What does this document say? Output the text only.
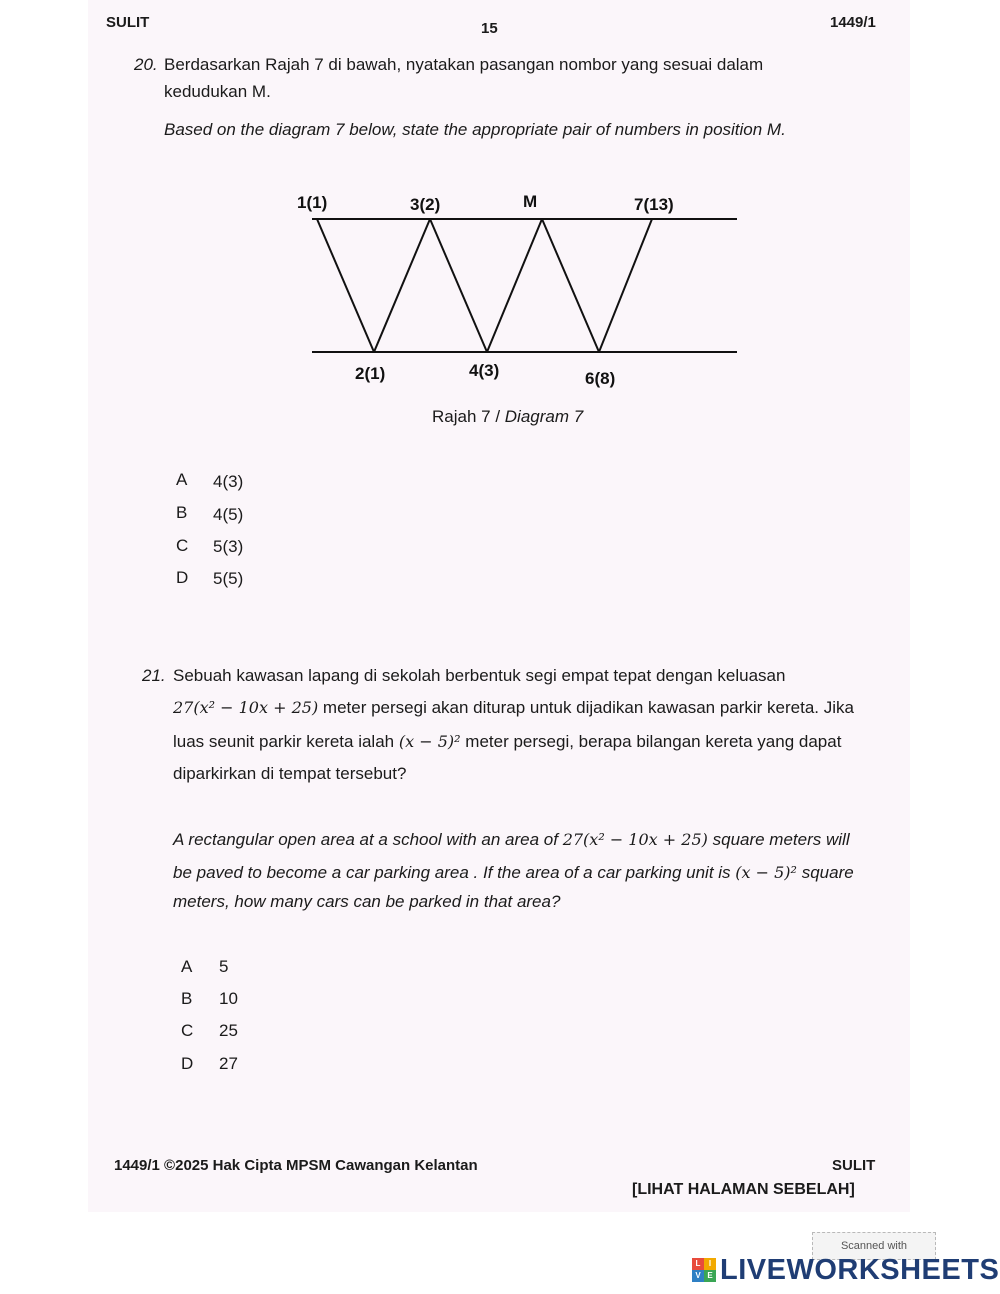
SULIT	15	1449/1
20. Berdasarkan Rajah 7 di bawah, nyatakan pasangan nombor yang sesuai dalam
kedudukan M.
Based on the diagram 7 below, state the appropriate pair of numbers in position M.
1(1)	3(2)	M	7(13)
2(1)	4(3)	6(8)
Rajah 7 / Diagram 7
A 4(3)
B 4(5)
C 5(3)
D 5(5)
21. Sebuah kawasan lapang di sekolah berbentuk segi empat tepat dengan keluasan
27(x² − 10x + 25) meter persegi akan diturap untuk dijadikan kawasan parkir kereta. Jika
luas seunit parkir kereta ialah (x − 5)² meter persegi, berapa bilangan kereta yang dapat
diparkirkan di tempat tersebut?
A rectangular open area at a school with an area of 27(x² − 10x + 25) square meters will
be paved to become a car parking area . If the area of a car parking unit is (x − 5)² square
meters, how many cars can be parked in that area?
A 5
B 10
C 25
D 27
1449/1 ©2025 Hak Cipta MPSM Cawangan Kelantan	SULIT
[LIHAT HALAMAN SEBELAH]
Scanned with
L	I
V E LIVEWORKSHEETS
